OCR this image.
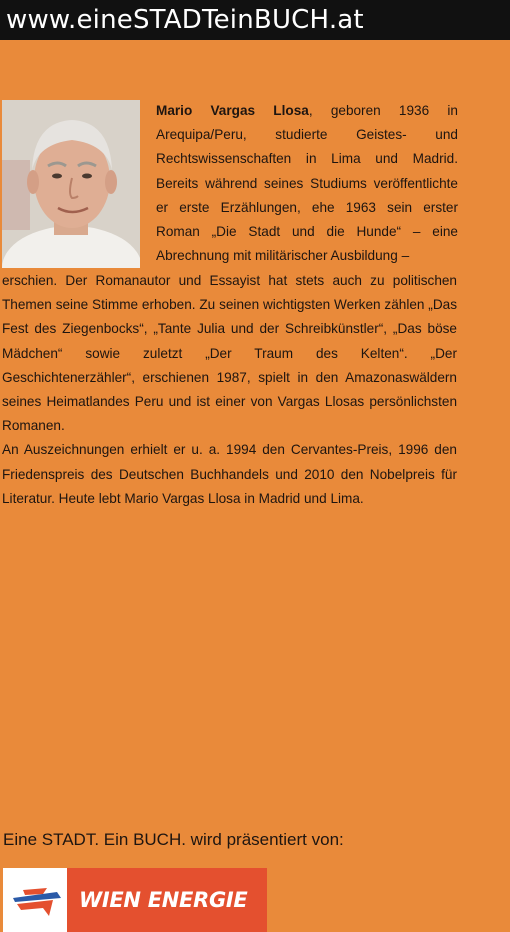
www.eineSTADTeinBUCH.at
Mario Vargas Llosa, geboren 1936 in Arequipa/Peru, studierte Geistes- und Rechtswissenschaften in Lima und Madrid. Bereits während seines Studiums veröffentlichte er erste Erzählungen, ehe 1963 sein erster Roman „Die Stadt und die Hunde“ – eine Abrechnung mit militärischer Ausbildung –

erschien. Der Romanautor und Essayist hat stets auch zu politischen Themen seine Stimme erhoben. Zu seinen wichtigsten Werken zählen „Das Fest des Ziegenbocks“, „Tante Julia und der Schreibkünstler“, „Das böse Mädchen“ sowie zuletzt „Der Traum des Kelten“. „Der Geschichtenerzähler“, erschienen 1987, spielt in den Amazonaswäldern seines Heimatlandes Peru und ist einer von Vargas Llosas persönlichsten Romanen.

An Auszeichnungen erhielt er u. a. 1994 den Cervantes-Preis, 1996 den Friedenspreis des Deutschen Buchhandels und 2010 den Nobelpreis für Literatur. Heute lebt Mario Vargas Llosa in Madrid und Lima.

Eine STADT. Ein BUCH. wird präsentiert von:
WIEN ENERGIE
